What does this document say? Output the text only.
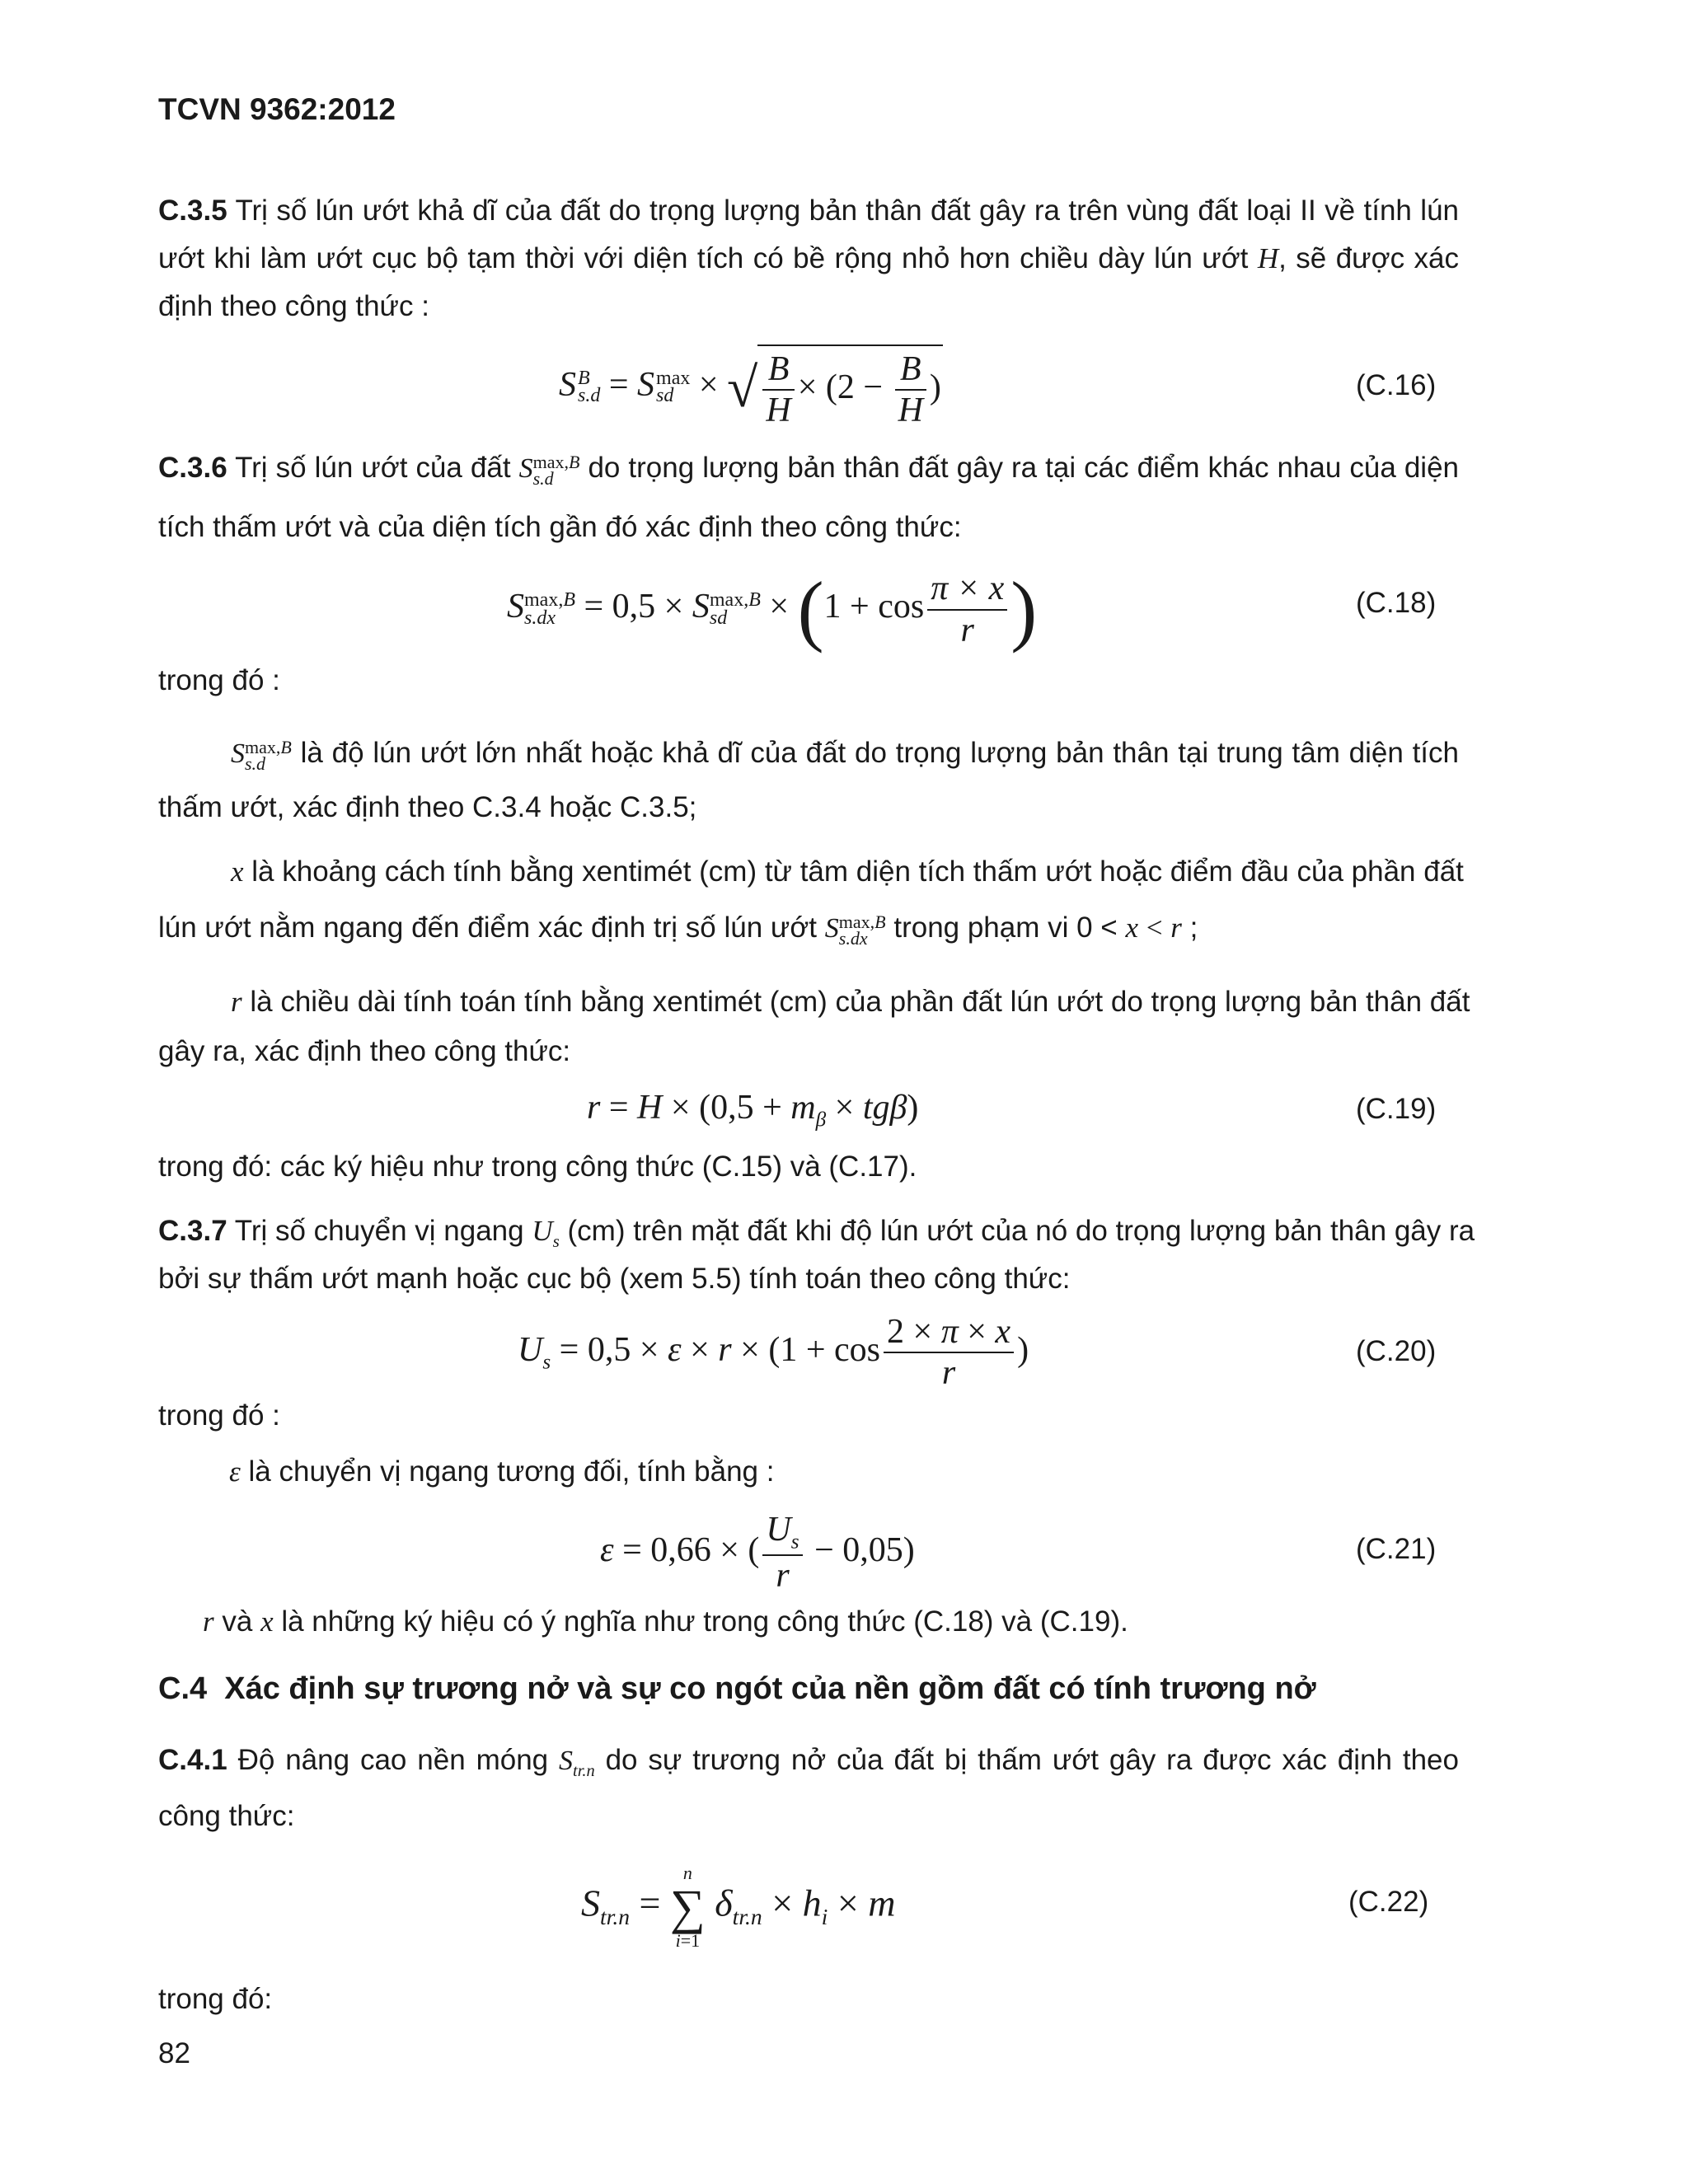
TCVN 9362:2012
C.3.5 Trị số lún ướt khả dĩ của đất do trọng lượng bản thân đất gây ra trên vùng đất loại II về tính lún
ướt khi làm ướt cục bộ tạm thời với diện tích có bề rộng nhỏ hơn chiều dày lún ướt H, sẽ được xác
định theo công thức :
S B
s.d = S max
sd × √ $\frac{B}{H} \times (2 - \frac{B}{H}$ )	(C.16)
C.3.6 Trị số lún ướt của đất S max,B
s.d	do trọng lượng bản thân đất gây ra tại các điểm khác nhau của diện
tích thấm ướt và của diện tích gần đó xác định theo công thức:
S max,B
s.dx = 0,5 × S max,B
sd × ($1 + \cos \frac{\pi \times x}{r}$ )	(C.18)
trong đó :
S max,B
s.d	là độ lún ướt lớn nhất hoặc khả dĩ của đất do trọng lượng bản thân tại trung tâm diện tích
thấm ướt, xác định theo C.3.4 hoặc C.3.5;
x là khoảng cách tính bằng xentimét (cm) từ tâm diện tích thấm ướt hoặc điểm đầu của phần đất
lún ướt nằm ngang đến điểm xác định trị số lún ướt S max,B
s.dx trong phạm vi 0 < x < r ;
r là chiều dài tính toán tính bằng xentimét (cm) của phần đất lún ướt do trọng lượng bản thân đất
gây ra, xác định theo công thức:
$r = H \times (0,5 + m_\beta \times tg\beta)$	(C.19)
trong đó: các ký hiệu như trong công thức (C.15) và (C.17).
C.3.7 Trị số chuyển vị ngang $U_s$ (cm) trên mặt đất khi độ lún ướt của nó do trọng lượng bản thân gây ra
bởi sự thấm ướt mạnh hoặc cục bộ (xem 5.5) tính toán theo công thức:
$U_s = 0,5 \times \varepsilon \times r \times (1 + \cos \frac{2 \times \pi \times x}{r}$ )	(C.20)
trong đó :
ε là chuyển vị ngang tương đối, tính bằng :
ε = 0,66 × ( $\frac{U_s}{r} - 0,05$)	(C.21)
r và x là những ký hiệu có ý nghĩa như trong công thức (C.18) và (C.19).
C.4 Xác định sự trương nở và sự co ngót của nền gồm đất có tính trương nở
C.4.1 Độ nâng cao nền móng $S_{tr.n}$ do sự trương nở của đất bị thấm ướt gây ra được xác định theo
công thức:
$S_{tr.n}$ =
n
∑
i=1
$\delta_{tr.n} \times h_i \times m$	(C.22)
trong đó:
82
